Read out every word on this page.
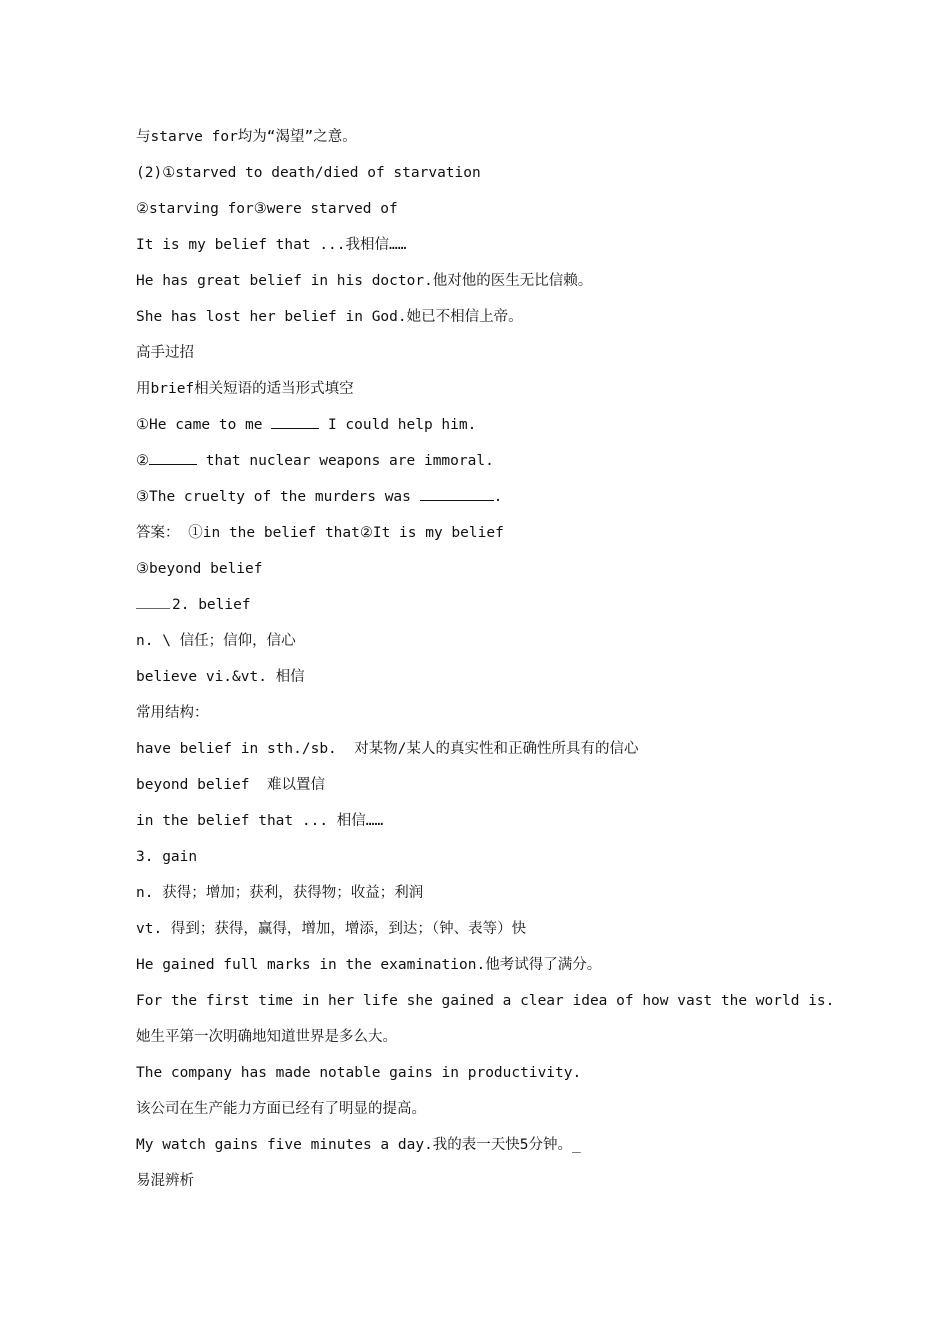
与starve for均为“渴望”之意。
(2)①starved to death/died of starvation
②starving for③were starved of
It is my belief that ...我相信……
He has great belief in his doctor.他对他的医生无比信赖。
She has lost her belief in God.她已不相信上帝。
高手过招
用brief相关短语的适当形式填空
①He came to me	I could help him.
②	that nuclear weapons are immoral.
③The cruelty of the murders was	.
答案： ①in the belief that②It is my belief
③beyond belief
2. belief
n. \ 信任；信仰，信心
believe vi.&vt. 相信
常用结构：
have belief in sth./sb.  对某物/某人的真实性和正确性所具有的信心
beyond belief  难以置信
in the belief that ... 相信……
3. gain
n. 获得；增加；获利，获得物；收益；利润
vt. 得到；获得，赢得，增加，增添，到达；（钟、表等）快
He gained full marks in the examination.他考试得了满分。
For the first time in her life she gained a clear idea of how vast the world is.
她生平第一次明确地知道世界是多么大。
The company has made notable gains in productivity.
该公司在生产能力方面已经有了明显的提高。
My watch gains five minutes a day.我的表一天快5分钟。_
易混辨析
